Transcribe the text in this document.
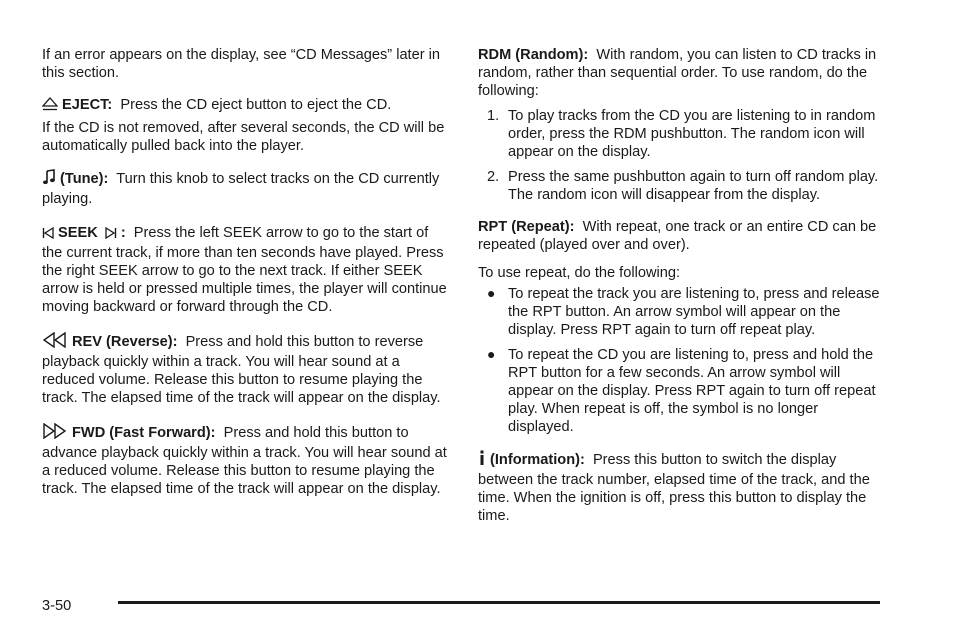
If an error appears on the display, see “CD Messages” later in this section.

EJECT: Press the CD eject button to eject the CD.

If the CD is not removed, after several seconds, the CD will be automatically pulled back into the player.

(Tune): Turn this knob to select tracks on the CD currently playing.

SEEK : Press the left SEEK arrow to go to the start of the current track, if more than ten seconds have played. Press the right SEEK arrow to go to the next track. If either SEEK arrow is held or pressed multiple times, the player will continue moving backward or forward through the CD.

REV (Reverse): Press and hold this button to reverse playback quickly within a track. You will hear sound at a reduced volume. Release this button to resume playing the track. The elapsed time of the track will appear on the display.

FWD (Fast Forward): Press and hold this button to advance playback quickly within a track. You will hear sound at a reduced volume. Release this button to resume playing the track. The elapsed time of the track will appear on the display.

RDM (Random): With random, you can listen to CD tracks in random, rather than sequential order. To use random, do the following:

1. To play tracks from the CD you are listening to in random order, press the RDM pushbutton. The random icon will appear on the display.
2. Press the same pushbutton again to turn off random play. The random icon will disappear from the display.

RPT (Repeat): With repeat, one track or an entire CD can be repeated (played over and over).

To use repeat, do the following:

● To repeat the track you are listening to, press and release the RPT button. An arrow symbol will appear on the display. Press RPT again to turn off repeat play.
● To repeat the CD you are listening to, press and hold the RPT button for a few seconds. An arrow symbol will appear on the display. Press RPT again to turn off repeat play. When repeat is off, the symbol is no longer displayed.

(Information): Press this button to switch the display between the track number, elapsed time of the track, and the time. When the ignition is off, press this button to display the time.

3-50
